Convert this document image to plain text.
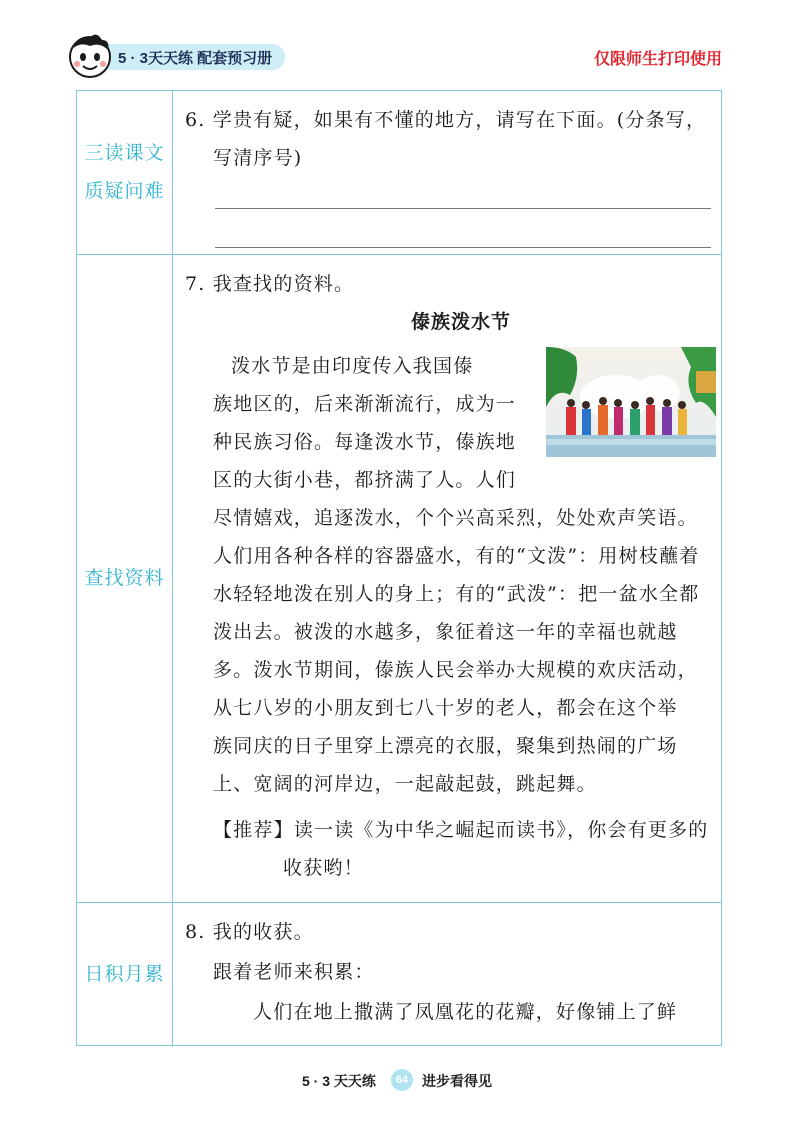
5 · 3天天练 配套预习册	仅限师生打印使用
三读课文
质疑问难
6. 学贵有疑，如果有不懂的地方，请写在下面。(分条写，
写清序号)
查找资料
7. 我查找的资料。
傣族泼水节
泼水节是由印度传入我国傣
族地区的，后来渐渐流行，成为一
种民族习俗。每逢泼水节，傣族地
区的大街小巷，都挤满了人。人们
尽情嬉戏，追逐泼水，个个兴高采烈，处处欢声笑语。
人们用各种各样的容器盛水，有的“文泼”：用树枝蘸着
水轻轻地泼在别人的身上；有的“武泼”：把一盆水全都
泼出去。被泼的水越多，象征着这一年的幸福也就越
多。泼水节期间，傣族人民会举办大规模的欢庆活动，
从七八岁的小朋友到七八十岁的老人，都会在这个举
族同庆的日子里穿上漂亮的衣服，聚集到热闹的广场
上、宽阔的河岸边，一起敲起鼓，跳起舞。
【推荐】读一读《为中华之崛起而读书》，你会有更多的
收获哟！
日积月累
8. 我的收获。
跟着老师来积累：
人们在地上撒满了凤凰花的花瓣，好像铺上了鲜
5 · 3 天天练	64 进步看得见
